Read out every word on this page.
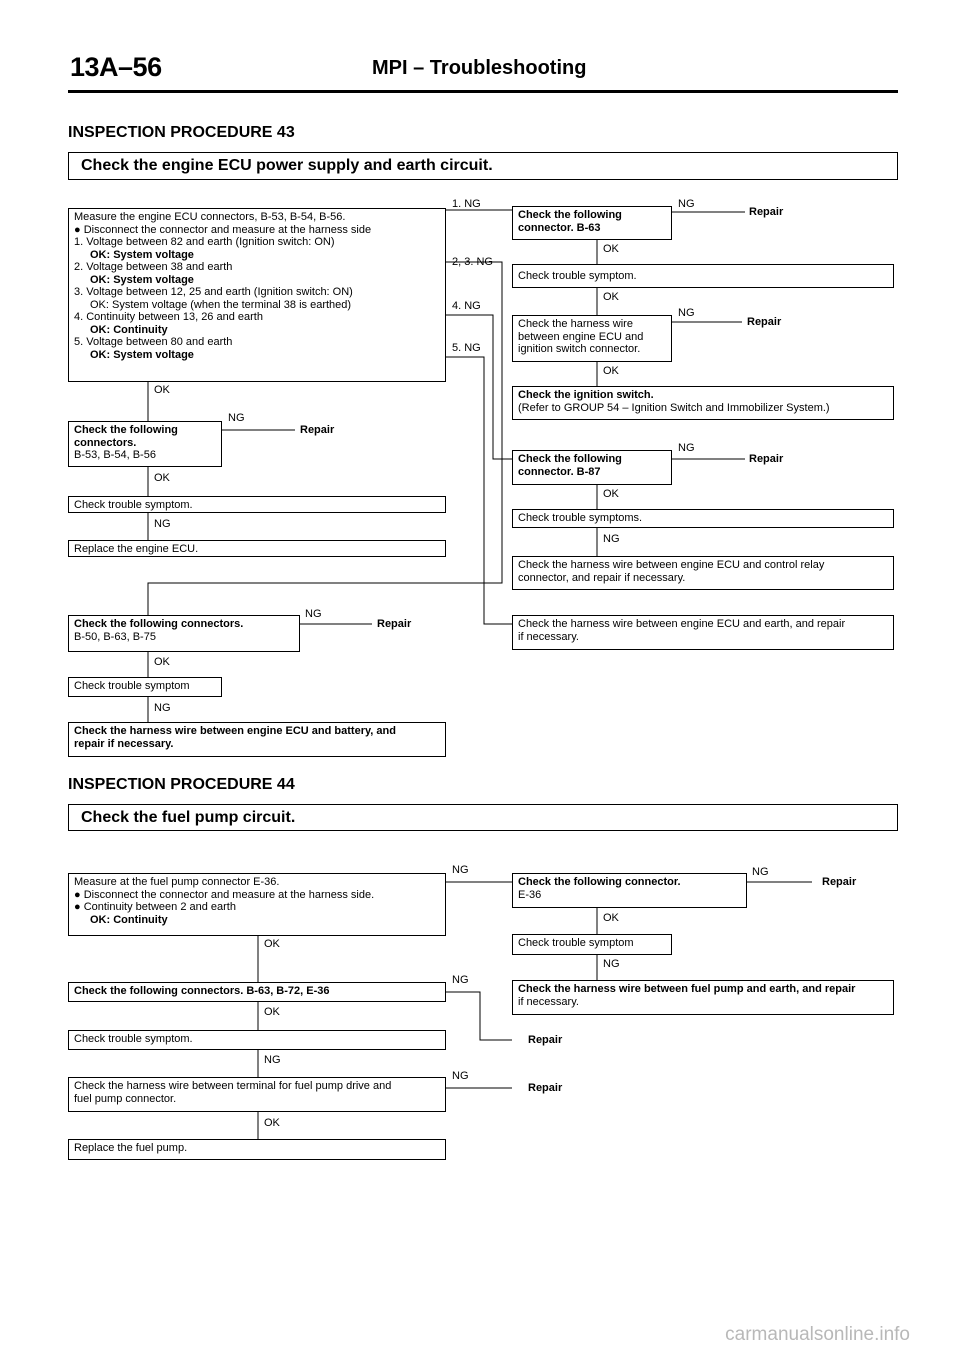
13A–56	MPI – Troubleshooting
INSPECTION PROCEDURE 43
Check the engine ECU power supply and earth circuit.
Measure the engine ECU connectors, B-53, B-54, B-56.
● Disconnect the connector and measure at the harness side
1. Voltage between 82 and earth (Ignition switch: ON)
OK: System voltage
2. Voltage between 38 and earth
OK: System voltage
3. Voltage between 12, 25 and earth (Ignition switch: ON)
OK: System voltage (when the terminal 38 is earthed)
4. Continuity between 13, 26 and earth
OK: Continuity
5. Voltage between 80 and earth
OK: System voltage
1. NG
2, 3. NG
4. NG
5. NG
OK
Check the following
connectors.
B-53, B-54, B-56
NG
Repair
OK
Check trouble symptom.
NG
Replace the engine ECU.
Check the following connectors.
B-50, B-63, B-75
NG
Repair
OK
Check trouble symptom
NG
Check the harness wire between engine ECU and battery, and
repair if necessary.
Check the following
connector. B-63
NG
Repair
OK
Check trouble symptom.
OK
Check the harness wire
between engine ECU and
ignition switch connector.
NG
Repair
OK
Check the ignition switch.
(Refer to GROUP 54 – Ignition Switch and Immobilizer System.)
Check the following
connector. B-87
NG
Repair
OK
Check trouble symptoms.
NG
Check the harness wire between engine ECU and control relay
connector, and repair if necessary.
Check the harness wire between engine ECU and earth, and repair
if necessary.
INSPECTION PROCEDURE 44
Check the fuel pump circuit.
Measure at the fuel pump connector E-36.
● Disconnect the connector and measure at the harness side.
● Continuity between 2 and earth
OK: Continuity
NG
OK
Check the following connectors. B-63, B-72, E-36
NG
OK
Check trouble symptom.	Repair
NG
Check the harness wire between terminal for fuel pump drive and
fuel pump connector.
NG
Repair
OK
Replace the fuel pump.
Check the following connector.
E-36
NG
Repair
OK
Check trouble symptom
NG
Check the harness wire between fuel pump and earth, and repair
if necessary.
carmanualsonline.info
